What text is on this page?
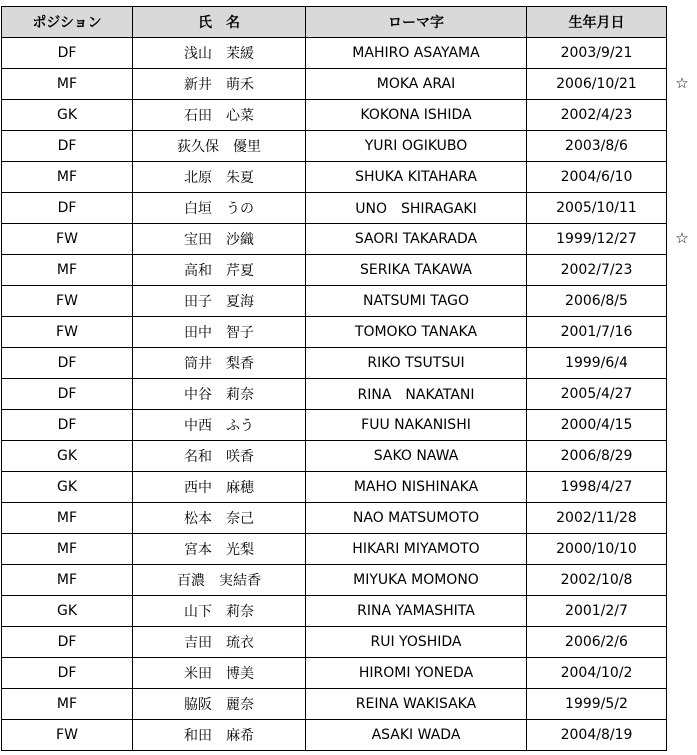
ポジション	氏　名	ローマ字	生年月日
DF	浅山　茉緩	MAHIRO ASAYAMA	2003/9/21
MF	新井　萌禾	MOKA ARAI	2006/10/21
GK	石田　心菜	KOKONA ISHIDA	2002/4/23
DF	荻久保　優里	YURI OGIKUBO	2003/8/6
MF	北原　朱夏	SHUKA KITAHARA	2004/6/10
DF	白垣　うの	UNO　SHIRAGAKI	2005/10/11
FW	宝田　沙織	SAORI TAKARADA	1999/12/27
MF	高和　芹夏	SERIKA TAKAWA	2002/7/23
FW	田子　夏海	NATSUMI TAGO	2006/8/5
FW	田中　智子	TOMOKO TANAKA	2001/7/16
DF	筒井　梨香	RIKO TSUTSUI	1999/6/4
DF	中谷　莉奈	RINA　NAKATANI	2005/4/27
DF	中西　ふう	FUU NAKANISHI	2000/4/15
GK	名和　咲香	SAKO NAWA	2006/8/29
GK	西中　麻穂	MAHO NISHINAKA	1998/4/27
MF	松本　奈己	NAO MATSUMOTO	2002/11/28
MF	宮本　光梨	HIKARI MIYAMOTO	2000/10/10
MF	百濃　実結香	MIYUKA MOMONO	2002/10/8
GK	山下　莉奈	RINA YAMASHITA	2001/2/7
DF	吉田　琉衣	RUI YOSHIDA	2006/2/6
DF	米田　博美	HIROMI YONEDA	2004/10/2
MF	脇阪　麗奈	REINA WAKISAKA	1999/5/2
FW	和田　麻希	ASAKI WADA	2004/8/19
☆
☆
